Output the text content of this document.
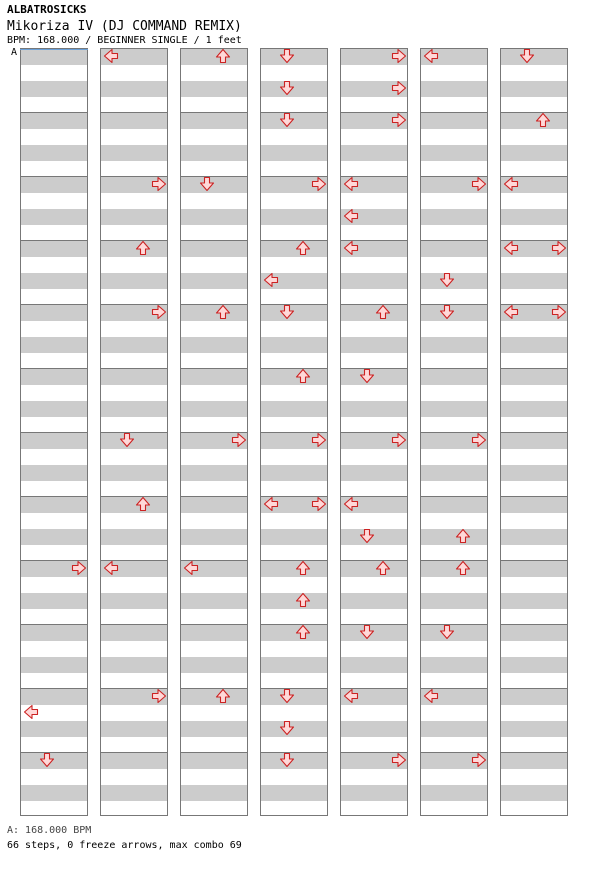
ALBATROSICKS
Mikoriza IV (DJ COMMAND REMIX)
BPM: 168.000 / BEGINNER SINGLE / 1 feet
A
A: 168.000 BPM
66 steps, 0 freeze arrows, max combo 69
